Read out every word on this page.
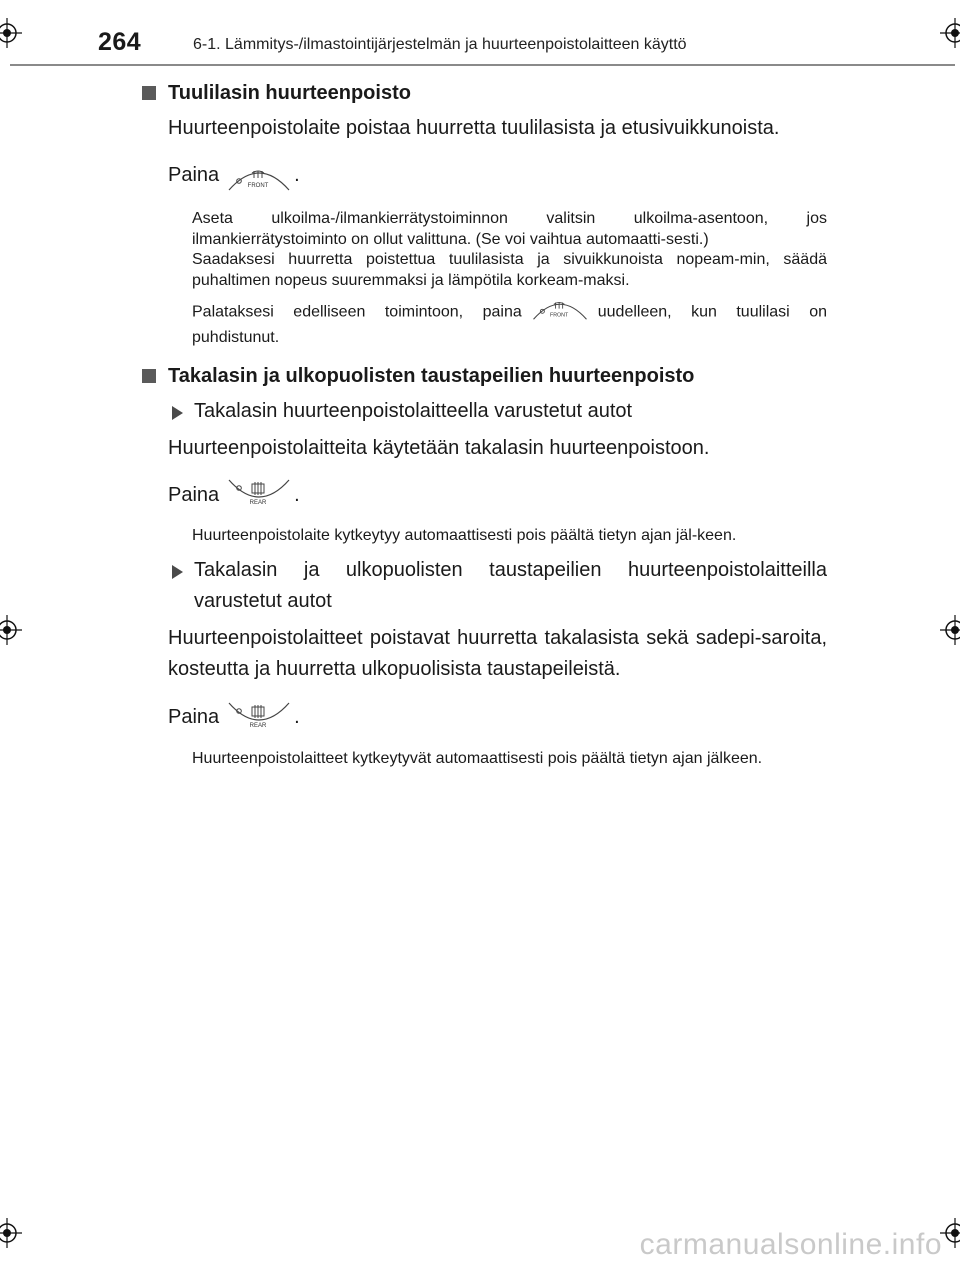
264	6-1. Lämmitys-/ilmastointijärjestelmän ja huurteenpoistolaitteen käyttö
Tuulilasin huurteenpoisto
Huurteenpoistolaite poistaa huurretta tuulilasista ja etusivuikkunoista.
Paina
FRONT
.
Aseta ulkoilma-/ilmankierrätystoiminnon valitsin ulkoilma-asentoon, jos ilmankierrätystoiminto on ollut valittuna. (Se voi vaihtua automaatti-sesti.)
Saadaksesi huurretta poistettua tuulilasista ja sivuikkunoista nopeam-min, säädä puhaltimen nopeus suuremmaksi ja lämpötila korkeam-maksi.
Palataksesi edelliseen toimintoon, paina	FRONT uudelleen, kun tuulilasi on puhdistunut.
Takalasin ja ulkopuolisten taustapeilien huurteenpoisto
Takalasin huurteenpoistolaitteella varustetut autot
Huurteenpoistolaitteita käytetään takalasin huurteenpoistoon.
Paina	REAR .
Huurteenpoistolaite kytkeytyy automaattisesti pois päältä tietyn ajan jäl-keen.
Takalasin ja ulkopuolisten taustapeilien huurteenpoistolaitteilla varustetut autot
Huurteenpoistolaitteet poistavat huurretta takalasista sekä sadepi-saroita, kosteutta ja huurretta ulkopuolisista taustapeileistä.
Paina	REAR .
Huurteenpoistolaitteet kytkeytyvät automaattisesti pois päältä tietyn ajan jälkeen.
carmanualsonline.info
